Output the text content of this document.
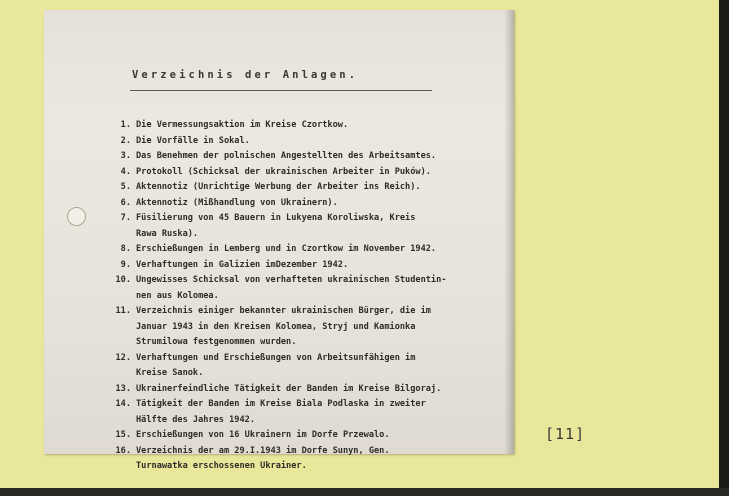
Verzeichnis der Anlagen.
1. Die Vermessungsaktion im Kreise Czortkow.
2. Die Vorfälle in Sokal.
3. Das Benehmen der polnischen Angestellten des Arbeitsamtes.
4. Protokoll (Schicksal der ukrainischen Arbeiter in Puków).
5. Aktennotiz (Unrichtige Werbung der Arbeiter ins Reich).
6. Aktennotiz (Mißhandlung von Ukrainern).
7. Füsilierung von 45 Bauern in Lukyena Koroliwska, Kreis
Rawa Ruska).
8. Erschießungen in Lemberg und in Czortkow im November 1942.
9. Verhaftungen in Galizien imDezember 1942.
10. Ungewisses Schicksal von verhafteten ukrainischen Studentin-
nen aus Kolomea.
11. Verzeichnis einiger bekannter ukrainischen Bürger, die im
Januar 1943 in den Kreisen Kolomea, Stryj und Kamionka
Strumilowa festgenommen wurden.
12. Verhaftungen und Erschießungen von Arbeitsunfähigen im
Kreise Sanok.
13. Ukrainerfeindliche Tätigkeit der Banden im Kreise Bilgoraj.
14. Tätigkeit der Banden im Kreise Biala Podlaska in zweiter
Hälfte des Jahres 1942.
15. Erschießungen von 16 Ukrainern im Dorfe Przewalo.
16. Verzeichnis der am 29.I.1943 im Dorfe Sunyn, Gen.
Turnawatka erschossenen Ukrainer.
[11]
